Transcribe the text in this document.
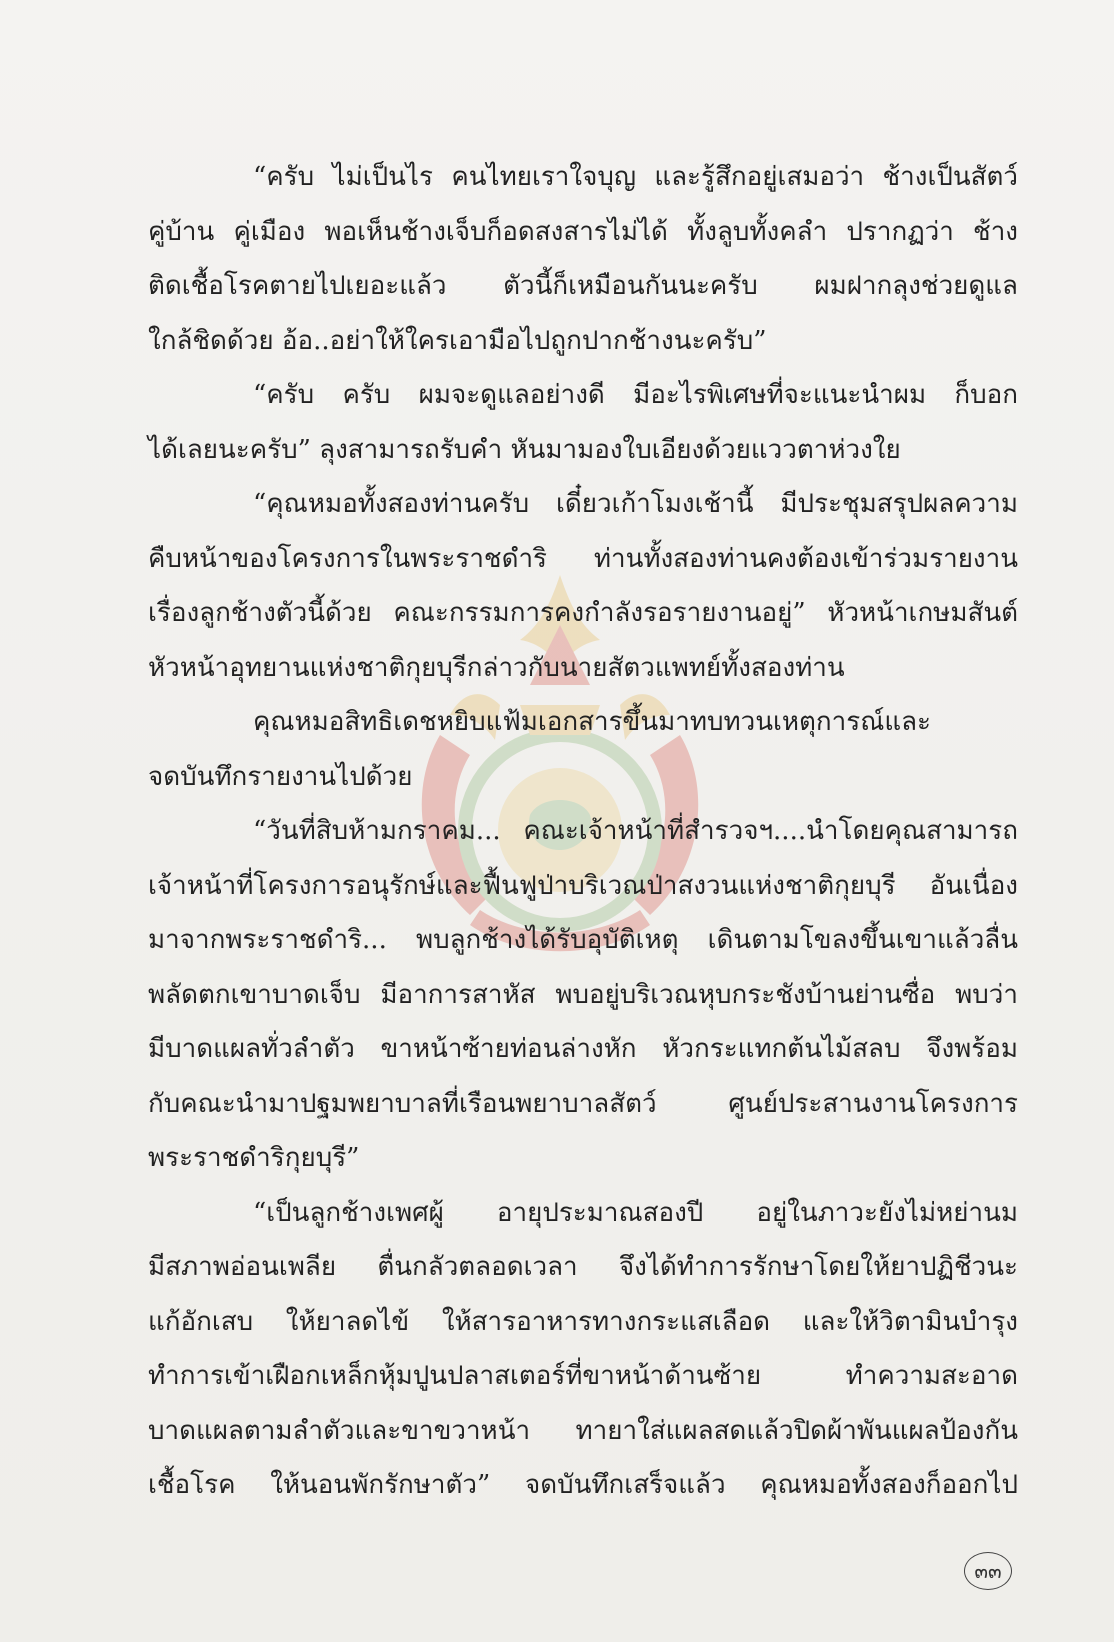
“ครับ ไม่เป็นไร คนไทยเราใจบุญ และรู้สึกอยู่เสมอว่า ช้างเป็นสัตว์
คู่บ้าน คู่เมือง พอเห็นช้างเจ็บก็อดสงสารไม่ได้ ทั้งลูบทั้งคลำ ปรากฏว่า ช้าง
ติดเชื้อโรคตายไปเยอะแล้ว ตัวนี้ก็เหมือนกันนะครับ ผมฝากลุงช่วยดูแล
ใกล้ชิดด้วย อ้อ..อย่าให้ใครเอามือไปถูกปากช้างนะครับ”
“ครับ ครับ ผมจะดูแลอย่างดี มีอะไรพิเศษที่จะแนะนำผม ก็บอก
ได้เลยนะครับ” ลุงสามารถรับคำ หันมามองใบเอียงด้วยแววตาห่วงใย
“คุณหมอทั้งสองท่านครับ เดี๋ยวเก้าโมงเช้านี้ มีประชุมสรุปผลความ
คืบหน้าของโครงการในพระราชดำริ ท่านทั้งสองท่านคงต้องเข้าร่วมรายงาน
เรื่องลูกช้างตัวนี้ด้วย คณะกรรมการคงกำลังรอรายงานอยู่” หัวหน้าเกษมสันต์
หัวหน้าอุทยานแห่งชาติกุยบุรีกล่าวกับนายสัตวแพทย์ทั้งสองท่าน
คุณหมอสิทธิเดชหยิบแฟ้มเอกสารขึ้นมาทบทวนเหตุการณ์และ
จดบันทึกรายงานไปด้วย
“วันที่สิบห้ามกราคม... คณะเจ้าหน้าที่สำรวจฯ....นำโดยคุณสามารถ
เจ้าหน้าที่โครงการอนุรักษ์และฟื้นฟูป่าบริเวณป่าสงวนแห่งชาติกุยบุรี อันเนื่อง
มาจากพระราชดำริ... พบลูกช้างได้รับอุบัติเหตุ เดินตามโขลงขึ้นเขาแล้วลื่น
พลัดตกเขาบาดเจ็บ มีอาการสาหัส พบอยู่บริเวณหุบกระชังบ้านย่านซื่อ พบว่า
มีบาดแผลทั่วลำตัว ขาหน้าซ้ายท่อนล่างหัก หัวกระแทกต้นไม้สลบ จึงพร้อม
กับคณะนำมาปฐมพยาบาลที่เรือนพยาบาลสัตว์ ศูนย์ประสานงานโครงการ
พระราชดำริกุยบุรี”
“เป็นลูกช้างเพศผู้ อายุประมาณสองปี อยู่ในภาวะยังไม่หย่านม
มีสภาพอ่อนเพลีย ตื่นกลัวตลอดเวลา จึงได้ทำการรักษาโดยให้ยาปฏิชีวนะ
แก้อักเสบ ให้ยาลดไข้ ให้สารอาหารทางกระแสเลือด และให้วิตามินบำรุง
ทำการเข้าเฝือกเหล็กหุ้มปูนปลาสเตอร์ที่ขาหน้าด้านซ้าย ทำความสะอาด
บาดแผลตามลำตัวและขาขวาหน้า ทายาใส่แผลสดแล้วปิดผ้าพันแผลป้องกัน
เชื้อโรค ให้นอนพักรักษาตัว” จดบันทึกเสร็จแล้ว คุณหมอทั้งสองก็ออกไป
๓๓
